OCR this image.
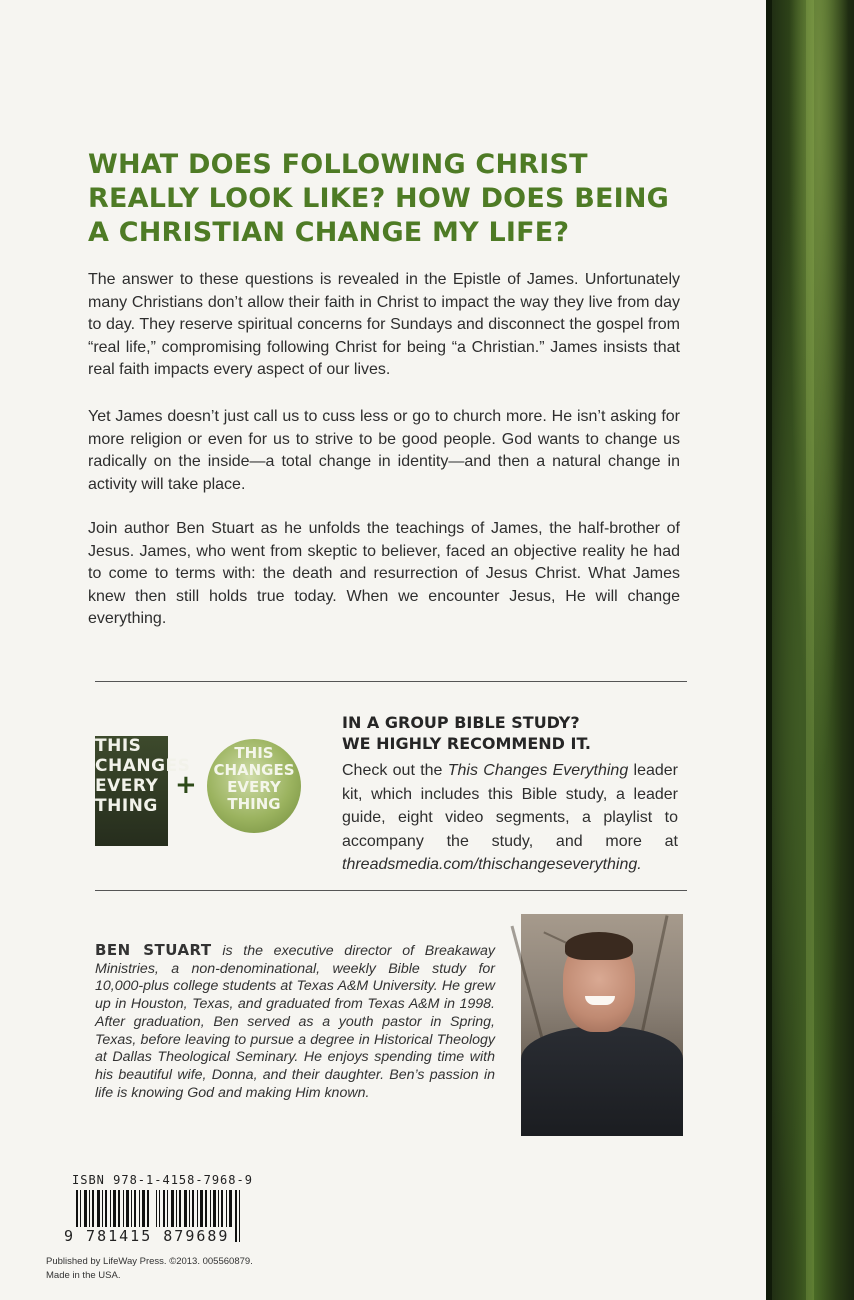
WHAT DOES FOLLOWING CHRIST REALLY LOOK LIKE? HOW DOES BEING A CHRISTIAN CHANGE MY LIFE?

The answer to these questions is revealed in the Epistle of James. Unfortunately many Christians don’t allow their faith in Christ to impact the way they live from day to day. They reserve spiritual concerns for Sundays and disconnect the gospel from “real life,” compromising following Christ for being “a Christian.” James insists that real faith impacts every aspect of our lives.

Yet James doesn’t just call us to cuss less or go to church more. He isn’t asking for more religion or even for us to strive to be good people. God wants to change us radically on the inside—a total change in identity—and then a natural change in activity will take place.

Join author Ben Stuart as he unfolds the teachings of James, the half-brother of Jesus. James, who went from skeptic to believer, faced an objective reality he had to come to terms with: the death and resurrection of Jesus Christ. What James knew then still holds true today. When we encounter Jesus, He will change everything.

THIS
CHANGES
EVERY
THING
+
THIS
CHANGES
EVERY
THING
IN A GROUP BIBLE STUDY?
WE HIGHLY RECOMMEND IT.

Check out the This Changes Everything leader kit, which includes this Bible study, a leader guide, eight video segments, a playlist to accompany the study, and more at threadsmedia.com/thischangeseverything.

BEN STUART is the executive director of Breakaway Ministries, a non-denominational, weekly Bible study for 10,000-plus college students at Texas A&M University. He grew up in Houston, Texas, and graduated from Texas A&M in 1998. After graduation, Ben served as a youth pastor in Spring, Texas, before leaving to pursue a degree in Historical Theology at Dallas Theological Seminary. He enjoys spending time with his beautiful wife, Donna, and their daughter. Ben’s passion in life is knowing God and making Him known.

ISBN 978-1-4158-7968-9
9 781415 879689
Published by LifeWay Press. ©2013. 005560879.
Made in the USA.
